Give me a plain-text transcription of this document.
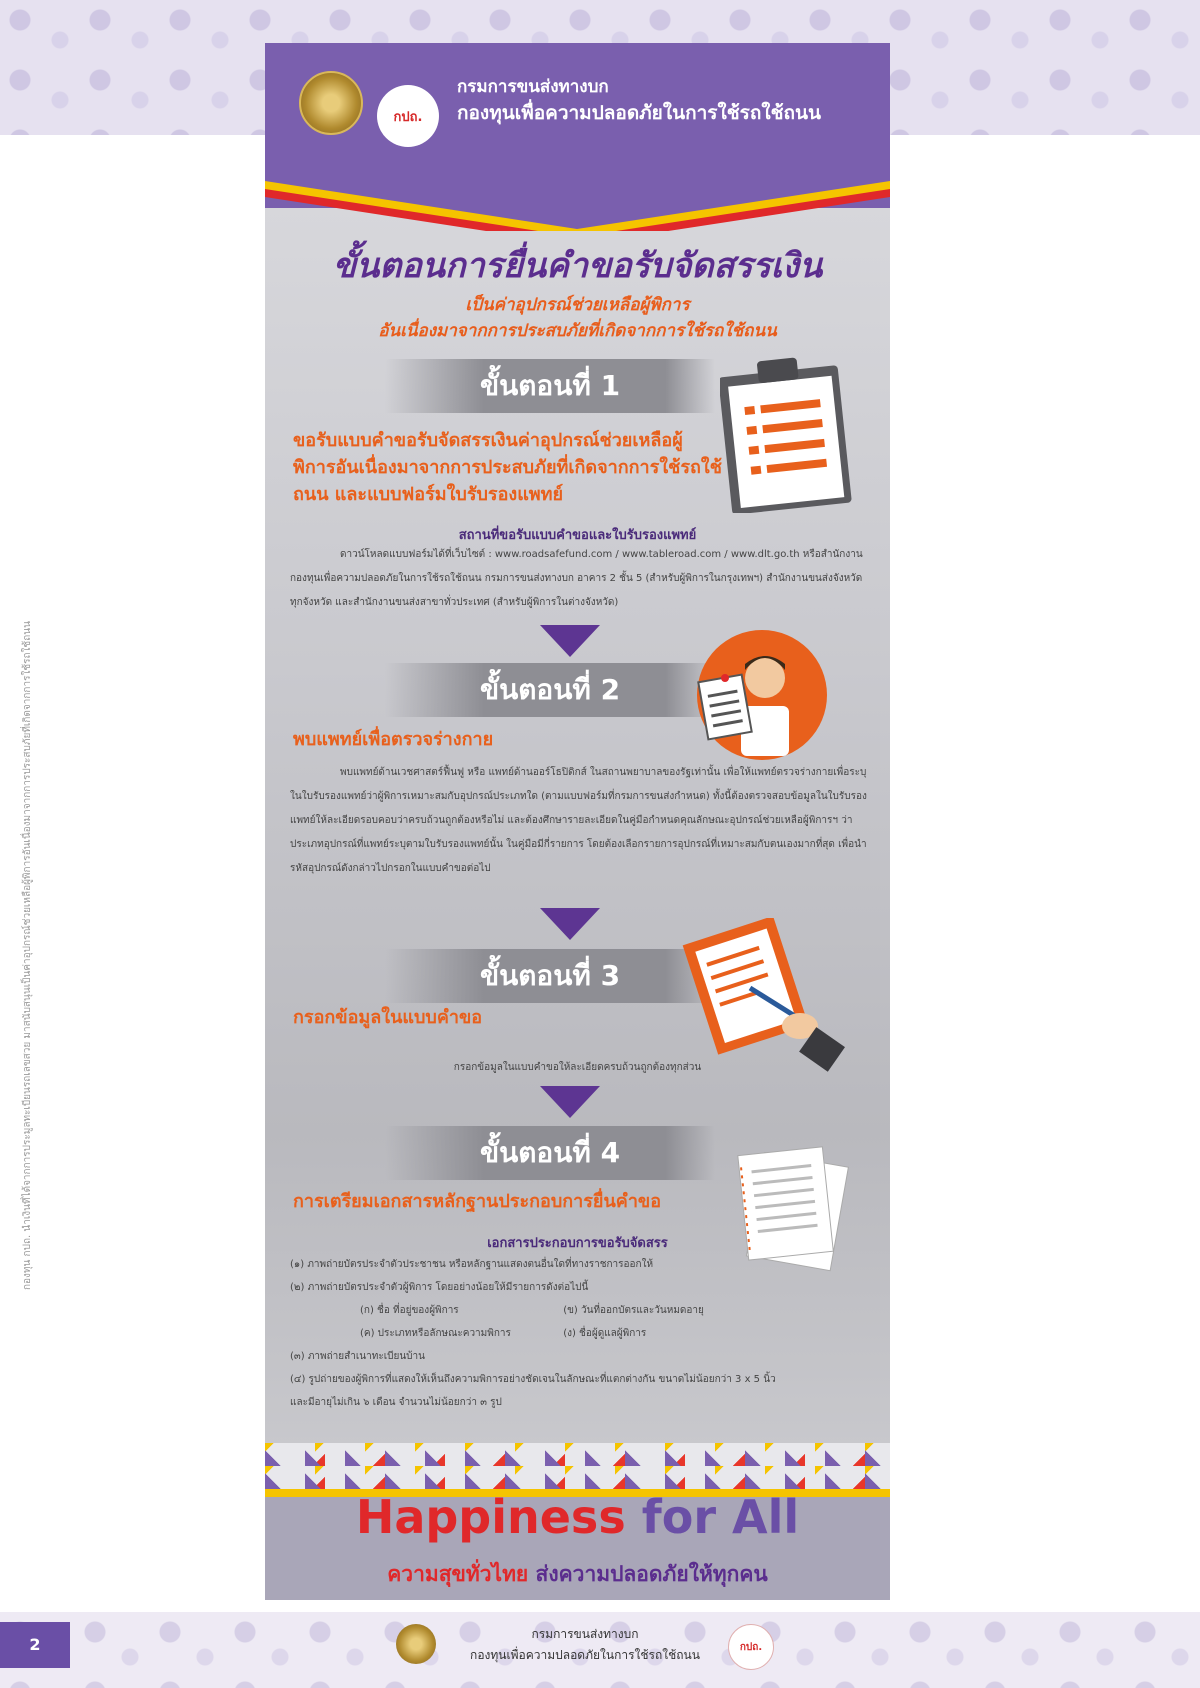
กองทุน กปถ. นำเงินที่ได้จากการประมูลทะเบียนรถเลขสวย มาสนับสนุนเป็นค่าอุปกรณ์ช่วยเหลือผู้พิการอันเนื่องมาจากการประสบภัยที่เกิดจากการใช้รถใช้ถนน
กปถ.
กรมการขนส่งทางบก
กองทุนเพื่อความปลอดภัยในการใช้รถใช้ถนน
ขั้นตอนการยื่นคำขอรับจัดสรรเงิน
เป็นค่าอุปกรณ์ช่วยเหลือผู้พิการ
อันเนื่องมาจากการประสบภัยที่เกิดจากการใช้รถใช้ถนน
ขั้นตอนที่ 1
ขอรับแบบคำขอรับจัดสรรเงินค่าอุปกรณ์ช่วยเหลือผู้พิการอันเนื่องมาจากการประสบภัยที่เกิดจากการใช้รถใช้ถนน และแบบฟอร์มใบรับรองแพทย์
สถานที่ขอรับแบบคำขอและใบรับรองแพทย์
ดาวน์โหลดแบบฟอร์มได้ที่เว็บไซต์ : www.roadsafefund.com / www.tableroad.com / www.dlt.go.th หรือสำนักงานกองทุนเพื่อความปลอดภัยในการใช้รถใช้ถนน กรมการขนส่งทางบก อาคาร 2 ชั้น 5 (สำหรับผู้พิการในกรุงเทพฯ) สำนักงานขนส่งจังหวัดทุกจังหวัด และสำนักงานขนส่งสาขาทั่วประเทศ (สำหรับผู้พิการในต่างจังหวัด)
ขั้นตอนที่ 2
พบแพทย์เพื่อตรวจร่างกาย
พบแพทย์ด้านเวชศาสตร์ฟื้นฟู หรือ แพทย์ด้านออร์โธปิดิกส์ ในสถานพยาบาลของรัฐเท่านั้น เพื่อให้แพทย์ตรวจร่างกายเพื่อระบุในใบรับรองแพทย์ว่าผู้พิการเหมาะสมกับอุปกรณ์ประเภทใด (ตามแบบฟอร์มที่กรมการขนส่งกำหนด) ทั้งนี้ต้องตรวจสอบข้อมูลในใบรับรองแพทย์ให้ละเอียดรอบคอบว่าครบถ้วนถูกต้องหรือไม่ และต้องศึกษารายละเอียดในคู่มือกำหนดคุณลักษณะอุปกรณ์ช่วยเหลือผู้พิการฯ ว่าประเภทอุปกรณ์ที่แพทย์ระบุตามใบรับรองแพทย์นั้น ในคู่มือมีกี่รายการ โดยต้องเลือกรายการอุปกรณ์ที่เหมาะสมกับตนเองมากที่สุด เพื่อนำรหัสอุปกรณ์ดังกล่าวไปกรอกในแบบคำขอต่อไป
ขั้นตอนที่ 3
กรอกข้อมูลในแบบคำขอ
กรอกข้อมูลในแบบคำขอให้ละเอียดครบถ้วนถูกต้องทุกส่วน
ขั้นตอนที่ 4
การเตรียมเอกสารหลักฐานประกอบการยื่นคำขอ
เอกสารประกอบการขอรับจัดสรร
(๑) ภาพถ่ายบัตรประจำตัวประชาชน หรือหลักฐานแสดงตนอื่นใดที่ทางราชการออกให้
(๒) ภาพถ่ายบัตรประจำตัวผู้พิการ โดยอย่างน้อยให้มีรายการดังต่อไปนี้
(ก) ชื่อ ที่อยู่ของผู้พิการ	(ข) วันที่ออกบัตรและวันหมดอายุ
(ค) ประเภทหรือลักษณะความพิการ	(ง) ชื่อผู้ดูแลผู้พิการ
(๓) ภาพถ่ายสำเนาทะเบียนบ้าน
(๔) รูปถ่ายของผู้พิการที่แสดงให้เห็นถึงความพิการอย่างชัดเจนในลักษณะที่แตกต่างกัน ขนาดไม่น้อยกว่า 3 x 5 นิ้ว
และมีอายุไม่เกิน ๖ เดือน จำนวนไม่น้อยกว่า ๓ รูป
Happiness for All
ความสุขทั่วไทย ส่งความปลอดภัยให้ทุกคน
2
กรมการขนส่งทางบก
กองทุนเพื่อความปลอดภัยในการใช้รถใช้ถนน
กปถ.
